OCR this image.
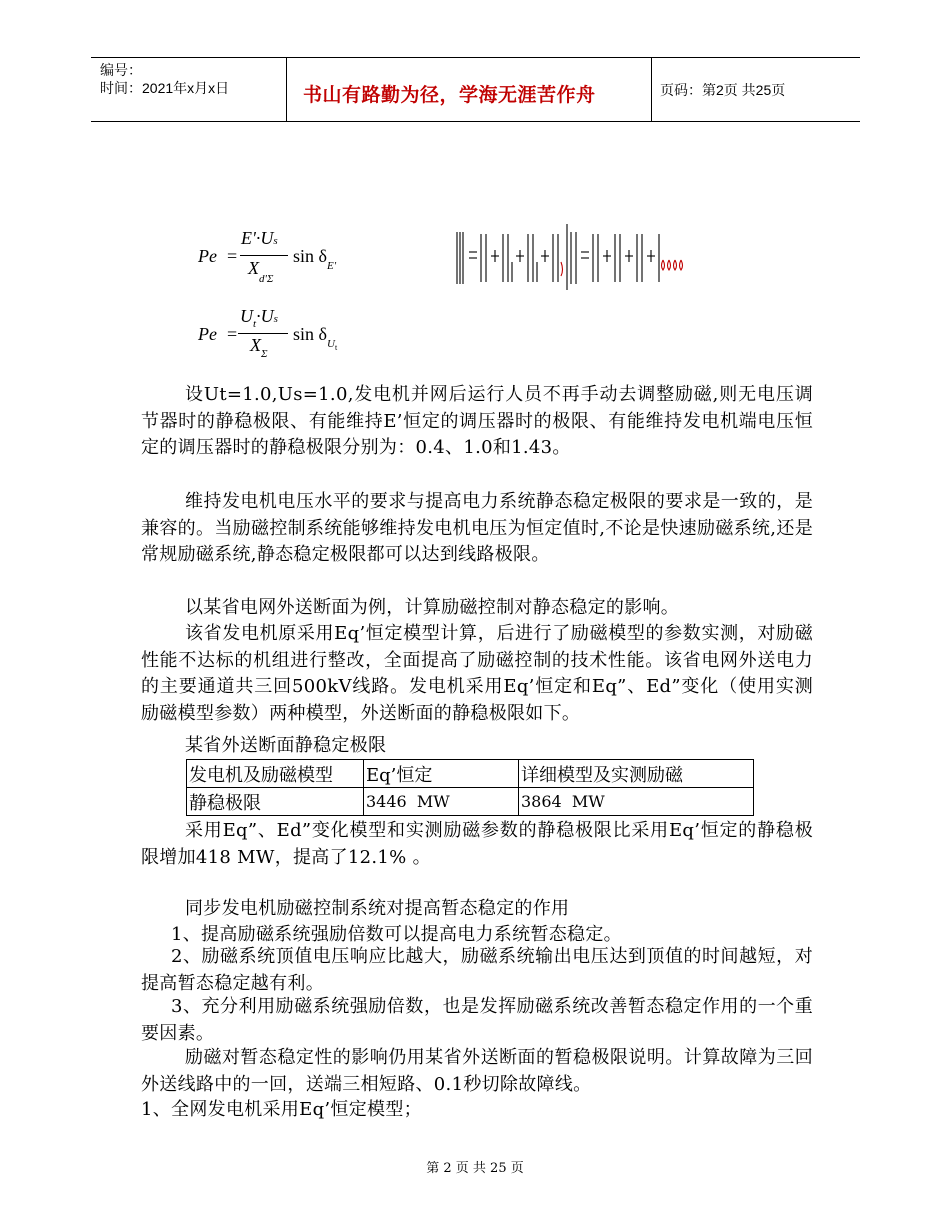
编号：
时间：2021年x月x日	书山有路勤为径，学海无涯苦作舟	页码：第2页 共25页
Pe =
E'·Us
$X_{d'\Sigma}$
$\sin \delta_{E'}$
Pe =
$U_t\cdot Us$
$X_\Sigma$
$\sin \delta_{Ut}$
设Ut=1.0,Us=1.0,发电机并网后运行人员不再手动去调整励磁,则无电压调节器时的静稳极限、有能维持E’恒定的调压器时的极限、有能维持发电机端电压恒定的调压器时的静稳极限分别为：0.4、1.0和1.43。
维持发电机电压水平的要求与提高电力系统静态稳定极限的要求是一致的，是兼容的。当励磁控制系统能够维持发电机电压为恒定值时,不论是快速励磁系统,还是常规励磁系统,静态稳定极限都可以达到线路极限。
以某省电网外送断面为例，计算励磁控制对静态稳定的影响。
该省发电机原采用Eq’恒定模型计算，后进行了励磁模型的参数实测，对励磁性能不达标的机组进行整改，全面提高了励磁控制的技术性能。该省电网外送电力的主要通道共三回500kV线路。发电机采用Eq’恒定和Eq”、Ed”变化（使用实测励磁模型参数）两种模型，外送断面的静稳极限如下。
某省外送断面静稳定极限
发电机及励磁模型	Eq’恒定	详细模型及实测励磁
静稳极限	3446  MW	3864  MW
采用Eq”、Ed”变化模型和实测励磁参数的静稳极限比采用Eq’恒定的静稳极限增加418 MW，提高了12.1% 。
同步发电机励磁控制系统对提高暂态稳定的作用
1、提高励磁系统强励倍数可以提高电力系统暂态稳定。
2、励磁系统顶值电压响应比越大，励磁系统输出电压达到顶值的时间越短，对提高暂态稳定越有利。
3、充分利用励磁系统强励倍数，也是发挥励磁系统改善暂态稳定作用的一个重要因素。
励磁对暂态稳定性的影响仍用某省外送断面的暂稳极限说明。计算故障为三回外送线路中的一回，送端三相短路、0.1秒切除故障线。
1、全网发电机采用Eq’恒定模型；
第 2 页 共 25 页
